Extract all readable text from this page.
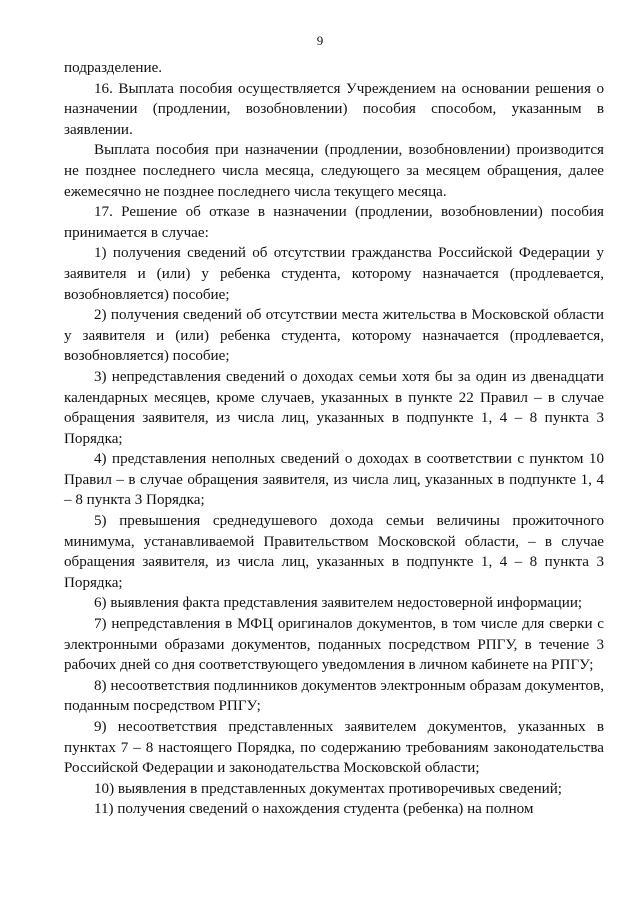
9

подразделение.

16. Выплата пособия осуществляется Учреждением на основании решения о назначении (продлении, возобновлении) пособия способом, указанным в заявлении.

Выплата пособия при назначении (продлении, возобновлении) производится не позднее последнего числа месяца, следующего за месяцем обращения, далее ежемесячно не позднее последнего числа текущего месяца.

17. Решение об отказе в назначении (продлении, возобновлении) пособия принимается в случае:

1) получения сведений об отсутствии гражданства Российской Федерации у заявителя и (или) у ребенка студента, которому назначается (продлевается, возобновляется) пособие;

2) получения сведений об отсутствии места жительства в Московской области у заявителя и (или) ребенка студента, которому назначается (продлевается, возобновляется) пособие;

3) непредставления сведений о доходах семьи хотя бы за один из двенадцати календарных месяцев, кроме случаев, указанных в пункте 22 Правил – в случае обращения заявителя, из числа лиц, указанных в подпункте 1, 4 – 8 пункта 3 Порядка;

4) представления неполных сведений о доходах в соответствии с пунктом 10 Правил – в случае обращения заявителя, из числа лиц, указанных в подпункте 1, 4 – 8 пункта 3 Порядка;

5) превышения среднедушевого дохода семьи величины прожиточного минимума, устанавливаемой Правительством Московской области, – в случае обращения заявителя, из числа лиц, указанных в подпункте 1, 4 – 8 пункта 3 Порядка;

6) выявления факта представления заявителем недостоверной информации;

7) непредставления в МФЦ оригиналов документов, в том числе для сверки с электронными образами документов, поданных посредством РПГУ, в течение 3 рабочих дней со дня соответствующего уведомления в личном кабинете на РПГУ;

8) несоответствия подлинников документов электронным образам документов, поданным посредством РПГУ;

9) несоответствия представленных заявителем документов, указанных в пунктах 7 – 8 настоящего Порядка, по содержанию требованиям законодательства Российской Федерации и законодательства Московской области;

10) выявления в представленных документах противоречивых сведений;

11) получения сведений о нахождения студента (ребенка) на полном
